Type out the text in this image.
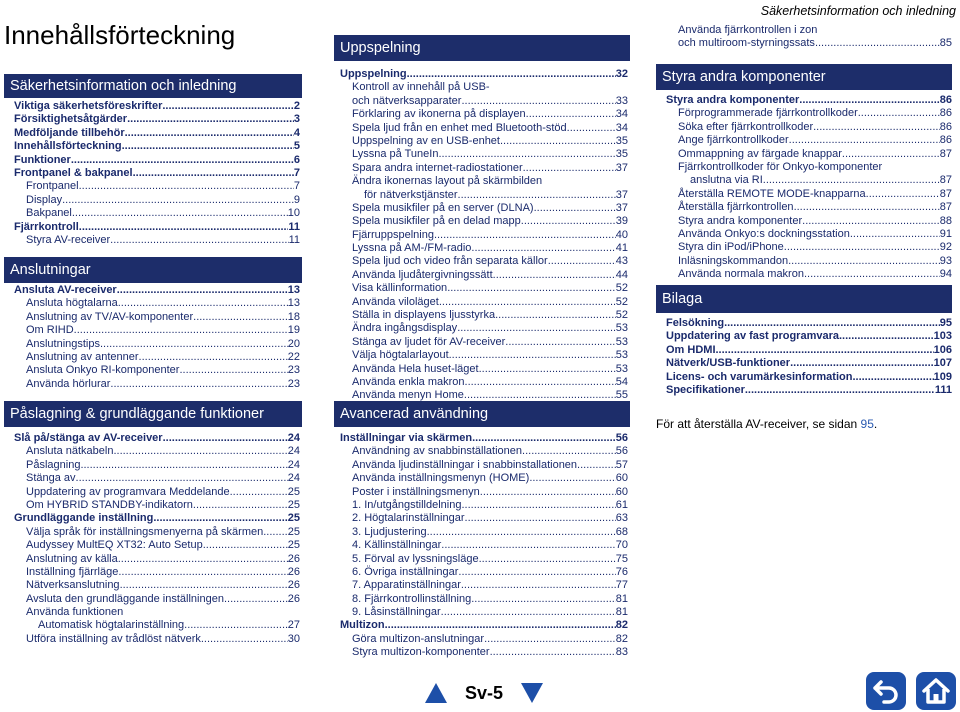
Innehållsförteckning
Säkerhetsinformation och inledning
Säkerhetsinformation och inledning
Viktiga säkerhetsföreskrifter .....	2
Försiktighetsåtgärder .....	3
Medföljande tillbehör .....	4
Innehållsförteckning .....	5
Funktioner .....	6
Frontpanel & bakpanel .....	7
Frontpanel .....	7
Display .....	9
Bakpanel .....	10
Fjärrkontroll .....	11
Styra AV-receiver .....	11
Anslutningar
Ansluta AV-receiver .....	13
Ansluta högtalarna .....	13
Anslutning av TV/AV-komponenter .....	18
Om RIHD .....	19
Anslutningstips .....	20
Anslutning av antenner .....	22
Ansluta Onkyo RI-komponenter .....	23
Använda hörlurar .....	23
Påslagning & grundläggande funktioner
Slå på/stänga av AV-receiver .....	24
Ansluta nätkabeln .....	24
Påslagning .....	24
Stänga av .....	24
Uppdatering av programvara Meddelande .....	25
Om HYBRID STANDBY-indikatorn .....	25
Grundläggande inställning .....	25
Välja språk för inställningsmenyerna på skärmen ..... 25
Audyssey MultEQ XT32: Auto Setup .....	25
Anslutning av källa .....	26
Inställning fjärrläge .....	26
Nätverksanslutning .....	26
Avsluta den grundläggande inställningen .....	26
Använda funktionen
Automatisk högtalarinställning .....	27
Utföra inställning av trådlöst nätverk .....	30
Uppspelning
Uppspelning .....	32
Kontroll av innehåll på USB-
och nätverksapparater .....	33
Förklaring av ikonerna på displayen .....	34
Spela ljud från en enhet med Bluetooth-stöd .....	34
Uppspelning av en USB-enhet .....	35
Lyssna på TuneIn .....	35
Spara andra internet-radiostationer .....	37
Ändra ikonernas layout på skärmbilden
för nätverkstjänster .....	37
Spela musikfiler på en server (DLNA) .....	37
Spela musikfiler på en delad mapp .....	39
Fjärruppspelning .....	40
Lyssna på AM-/FM-radio .....	41
Spela ljud och video från separata källor .....	43
Använda ljudåtergivningssätt .....	44
Visa källinformation .....	52
Använda viloläget .....	52
Ställa in displayens ljusstyrka .....	52
Ändra ingångsdisplay .....	53
Stänga av ljudet för AV-receiver .....	53
Välja högtalarlayout .....	53
Använda Hela huset-läget .....	53
Använda enkla makron .....	54
Använda menyn Home .....	55
Avancerad användning
Inställningar via skärmen .....	56
Användning av snabbinställationen .....	56
Använda ljudinställningar i snabbinstallationen .....	57
Använda inställningsmenyn (HOME) .....	60
Poster i inställningsmenyn .....	60
1. In/utgångstilldelning .....	61
2. Högtalarinställningar .....	63
3. Ljudjustering .....	68
4. Källinställningar .....	70
5. Förval av lyssningsläge .....	75
6. Övriga inställningar .....	76
7. Apparatinställningar .....	77
8. Fjärrkontrollinställning .....	81
9. Låsinställningar .....	81
Multizon .....	82
Göra multizon-anslutningar .....	82
Styra multizon-komponenter .....	83
Använda fjärrkontrollen i zon
och multiroom-styrningssats .....	85
Styra andra komponenter
Styra andra komponenter .....	86
Förprogrammerade fjärrkontrollkoder .....	86
Söka efter fjärrkontrollkoder .....	86
Ange fjärrkontrollkoder .....	86
Ommappning av färgade knappar .....	87
Fjärrkontrollkoder för Onkyo-komponenter
anslutna via RI .....	87
Återställa REMOTE MODE-knapparna .....	87
Återställa fjärrkontrollen .....	87
Styra andra komponenter .....	88
Använda Onkyo:s dockningsstation .....	91
Styra din iPod/iPhone .....	92
Inläsningskommandon .....	93
Använda normala makron .....	94
Bilaga
Felsökning .....	95
Uppdatering av fast programvara .....	103
Om HDMI .....	106
Nätverk/USB-funktioner .....	107
Licens- och varumärkesinformation .....	109
Specifikationer .....	111
För att återställa AV-receiver, se sidan 95.
Sv-5
